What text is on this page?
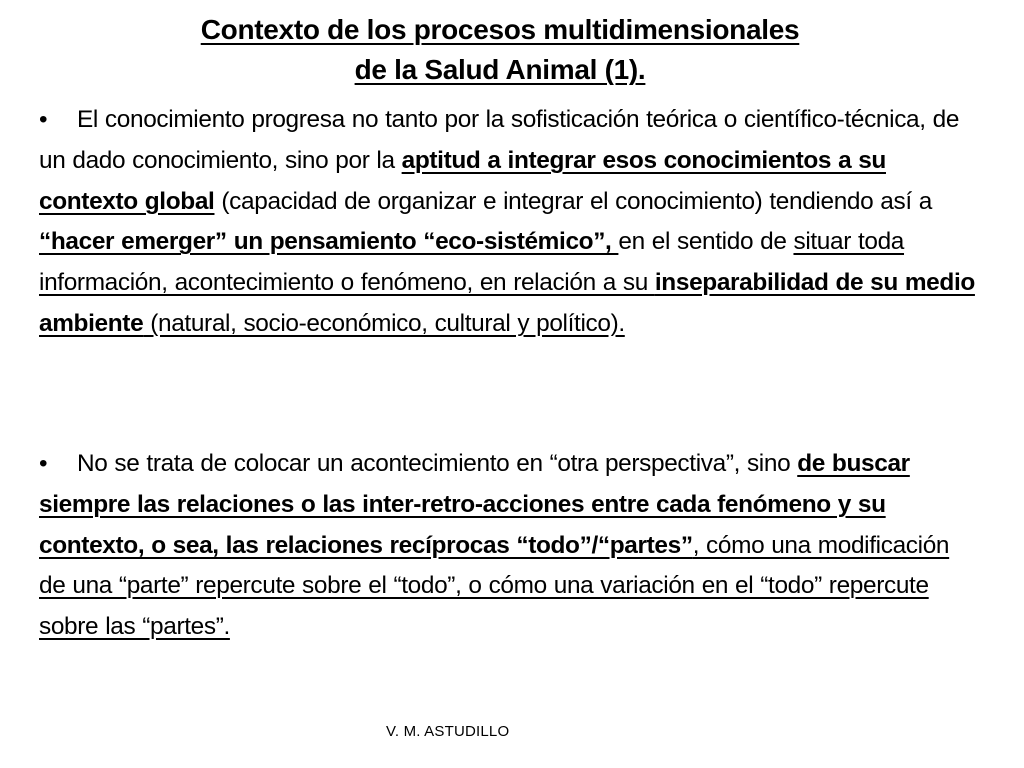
Contexto de los procesos multidimensionales
de la Salud Animal (1).
• El conocimiento progresa no tanto por la sofisticación teórica o científico-técnica, de un dado conocimiento, sino por la aptitud a integrar esos conocimientos a su contexto global (capacidad de organizar e integrar el conocimiento) tendiendo así a “hacer emerger” un pensamiento “eco-sistémico”, en el sentido de situar toda información, acontecimiento o fenómeno, en relación a su inseparabilidad de su medio ambiente (natural, socio-económico, cultural y político).
• No se trata de colocar un acontecimiento en “otra perspectiva”, sino de buscar siempre las relaciones o las inter-retro-acciones entre cada fenómeno y su contexto, o sea, las relaciones recíprocas “todo”/“partes”, cómo una modificación de una “parte” repercute sobre el “todo”, o cómo una variación en el “todo” repercute sobre las “partes”.
V. M. ASTUDILLO
